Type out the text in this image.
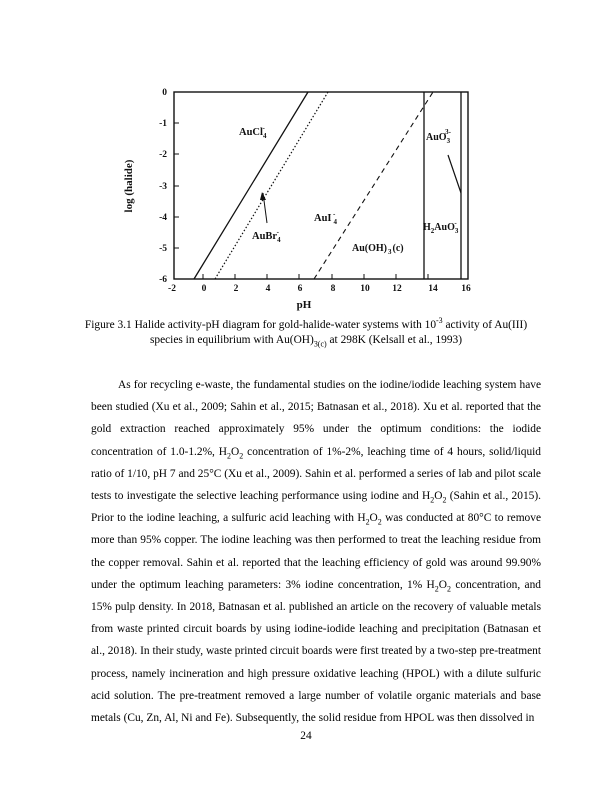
0
-1
-2
-3
-4
-5
-6
-2	0	2	4	6	8	10 12	14 16
pH
log (halide)
AuCl$_4$-
AuBr$_4$-
AuI $_4$-
$Au(OH)_3(c)$
AuO$_3$3-
$H_2AuO_3-$
Figure 3.1 Halide activity-pH diagram for gold-halide-water systems with $10^{-3}$ activity of Au(III)
species in equilibrium with $Au(OH)_{3(c)}$ at 298K (Kelsall et al., 1993)

As for recycling e-waste, the fundamental studies on the iodine/iodide leaching system have been studied (Xu et al., 2009; Sahin et al., 2015; Batnasan et al., 2018). Xu et al. reported that the gold extraction reached approximately 95% under the optimum conditions: the iodide concentration of 1.0-1.2%, $H_2O_2$ concentration of 1%-2%, leaching time of 4 hours, solid/liquid ratio of 1/10, pH 7 and 25°C (Xu et al., 2009). Sahin et al. performed a series of lab and pilot scale tests to investigate the selective leaching performance using iodine and $H_2O_2$ (Sahin et al., 2015). Prior to the iodine leaching, a sulfuric acid leaching with $H_2O_2$ was conducted at 80°C to remove more than 95% copper. The iodine leaching was then performed to treat the leaching residue from the copper removal. Sahin et al. reported that the leaching efficiency of gold was around 99.90% under the optimum leaching parameters: 3% iodine concentration, 1% $H_2O_2$ concentration, and 15% pulp density. In 2018, Batnasan et al. published an article on the recovery of valuable metals from waste printed circuit boards by using iodine-iodide leaching and precipitation (Batnasan et al., 2018). In their study, waste printed circuit boards were first treated by a two-step pre-treatment process, namely incineration and high pressure oxidative leaching (HPOL) with a dilute sulfuric acid solution. The pre-treatment removed a large number of volatile organic materials and base metals (Cu, Zn, Al, Ni and Fe). Subsequently, the solid residue from HPOL was then dissolved in

24
